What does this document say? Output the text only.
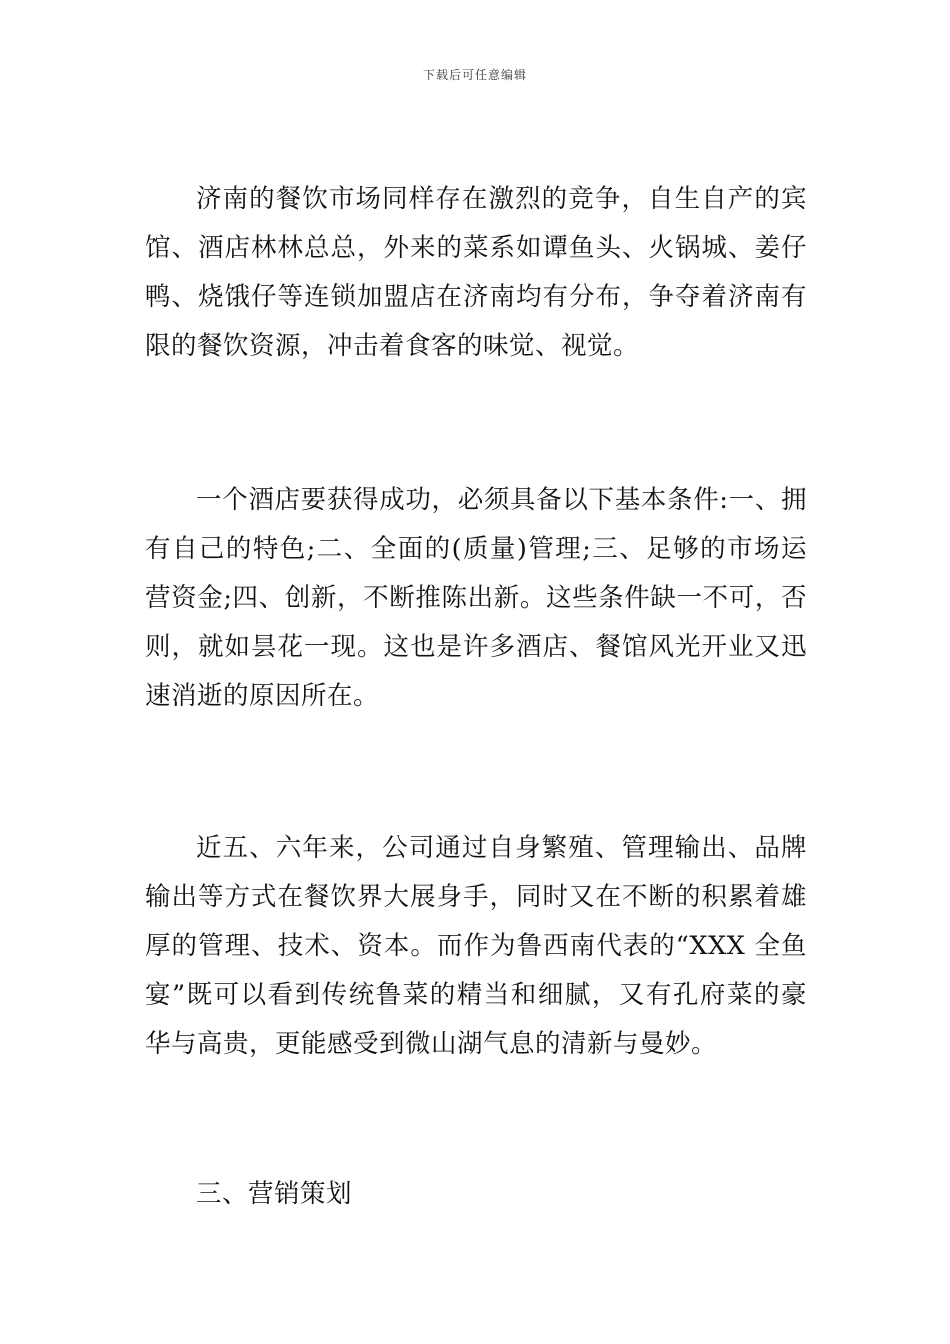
下载后可任意编辑

济南的餐饮市场同样存在激烈的竞争，自生自产的宾馆、酒店林林总总，外来的菜系如谭鱼头、火锅城、姜仔鸭、烧饿仔等连锁加盟店在济南均有分布，争夺着济南有限的餐饮资源，冲击着食客的味觉、视觉。

一个酒店要获得成功，必须具备以下基本条件:一、拥有自己的特色;二、全面的(质量)管理;三、足够的市场运营资金;四、创新，不断推陈出新。这些条件缺一不可，否则，就如昙花一现。这也是许多酒店、餐馆风光开业又迅速消逝的原因所在。

近五、六年来，公司通过自身繁殖、管理输出、品牌输出等方式在餐饮界大展身手，同时又在不断的积累着雄厚的管理、技术、资本。而作为鲁西南代表的“XXX 全鱼宴”既可以看到传统鲁菜的精当和细腻，又有孔府菜的豪华与高贵，更能感受到微山湖气息的清新与曼妙。

三、营销策划
